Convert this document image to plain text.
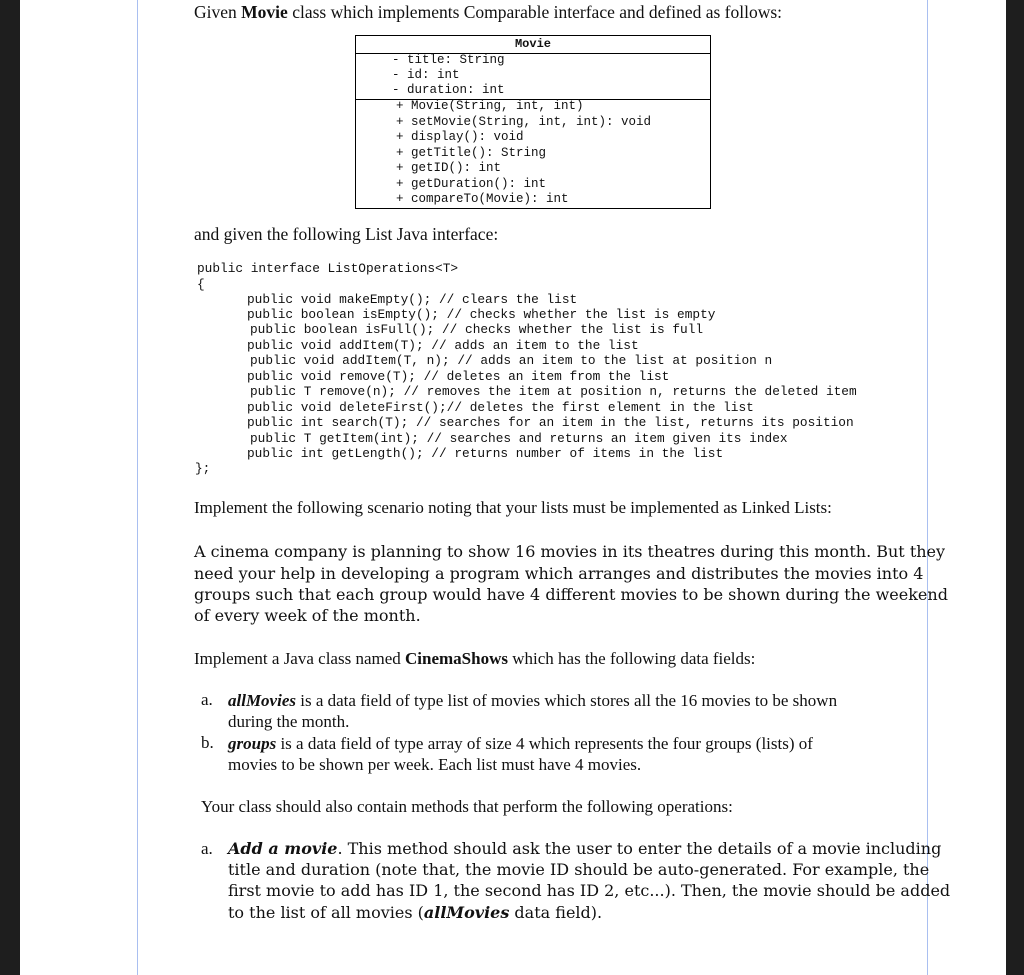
Given Movie class which implements Comparable interface and defined as follows:
Movie
- title: String
- id: int
- duration: int
+ Movie(String, int, int)
+ setMovie(String, int, int): void
+ display(): void
+ getTitle(): String
+ getID(): int
+ getDuration(): int
+ compareTo(Movie): int
and given the following List Java interface:
public interface ListOperations<T>
{
public void makeEmpty(); // clears the list
public boolean isEmpty(); // checks whether the list is empty
public boolean isFull(); // checks whether the list is full
public void addItem(T); // adds an item to the list
public void addItem(T, n); // adds an item to the list at position n
public void remove(T); // deletes an item from the list
public T remove(n); // removes the item at position n, returns the deleted item
public void deleteFirst();// deletes the first element in the list
public int search(T); // searches for an item in the list, returns its position
public T getItem(int); // searches and returns an item given its index
public int getLength(); // returns number of items in the list
};
Implement the following scenario noting that your lists must be implemented as Linked Lists:
A cinema company is planning to show 16 movies in its theatres during this month. But they
need your help in developing a program which arranges and distributes the movies into 4
groups such that each group would have 4 different movies to be shown during the weekend
of every week of the month.
Implement a Java class named CinemaShows which has the following data fields:
a. allMovies is a data field of type list of movies which stores all the 16 movies to be shown
during the month.
b. groups is a data field of type array of size 4 which represents the four groups (lists) of
movies to be shown per week. Each list must have 4 movies.
Your class should also contain methods that perform the following operations:
a. Add a movie. This method should ask the user to enter the details of a movie including
title and duration (note that, the movie ID should be auto-generated. For example, the
first movie to add has ID 1, the second has ID 2, etc...). Then, the movie should be added
to the list of all movies (allMovies data field).
